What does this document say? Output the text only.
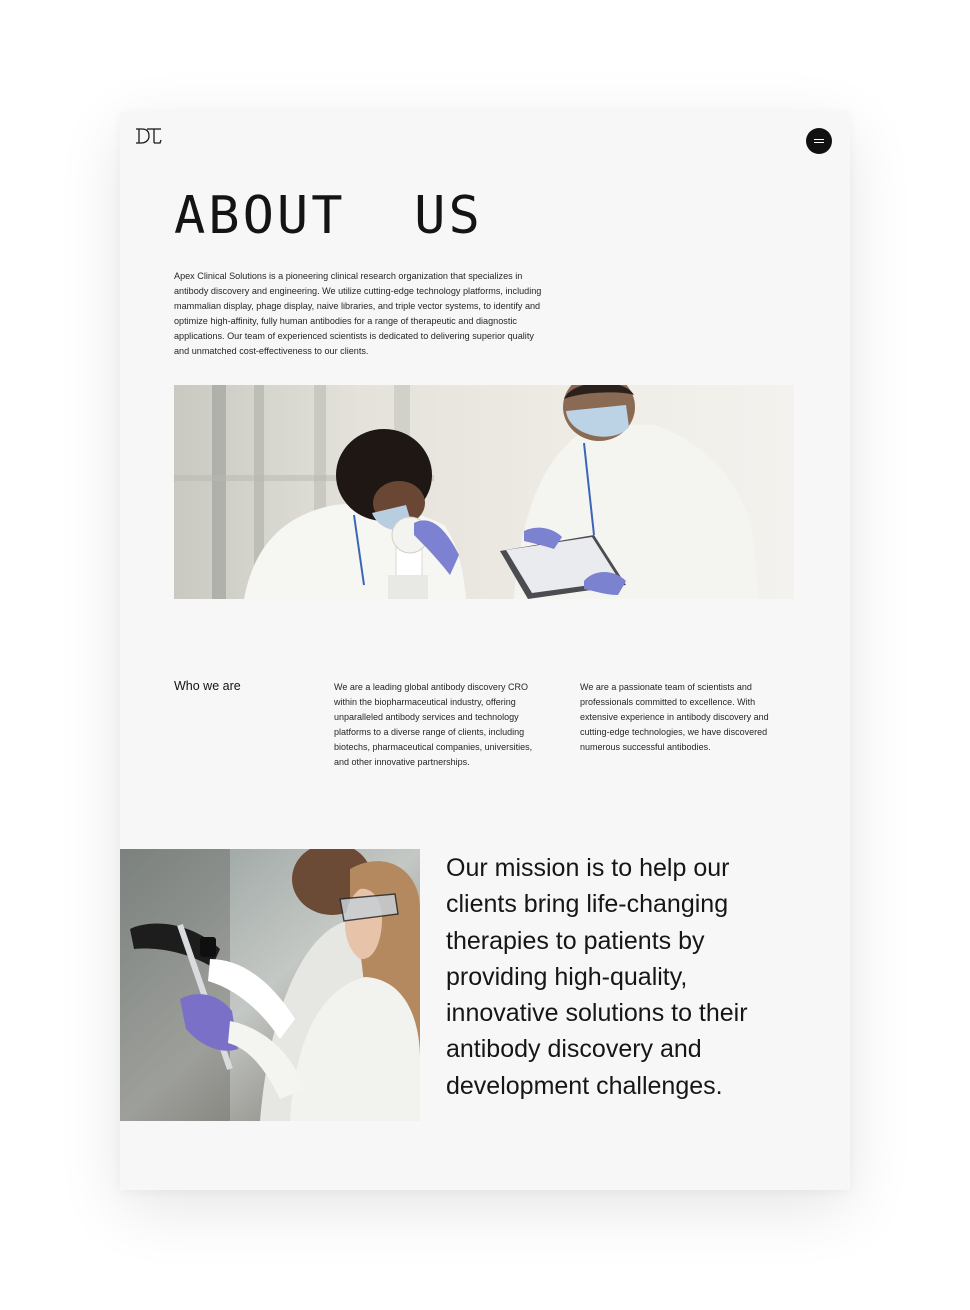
ABOUT  US

Apex Clinical Solutions is a pioneering clinical research organization that specializes in antibody discovery and engineering. We utilize cutting-edge technology platforms, including mammalian display, phage display, naive libraries, and triple vector systems, to identify and optimize high-affinity, fully human antibodies for a range of therapeutic and diagnostic applications. Our team of experienced scientists is dedicated to delivering superior quality and unmatched cost-effectiveness to our clients.

Who we are	We are a leading global antibody discovery CRO within the biopharmaceutical industry, offering unparalleled antibody services and technology platforms to a diverse range of clients, including biotechs, pharmaceutical companies, universities, and other innovative partnerships.

We are a passionate team of scientists and professionals committed to excellence. With extensive experience in antibody discovery and cutting-edge technologies, we have discovered numerous successful antibodies.

Our mission is to help our clients bring life-changing therapies to patients by providing high-quality, innovative solutions to their antibody discovery and development challenges.
